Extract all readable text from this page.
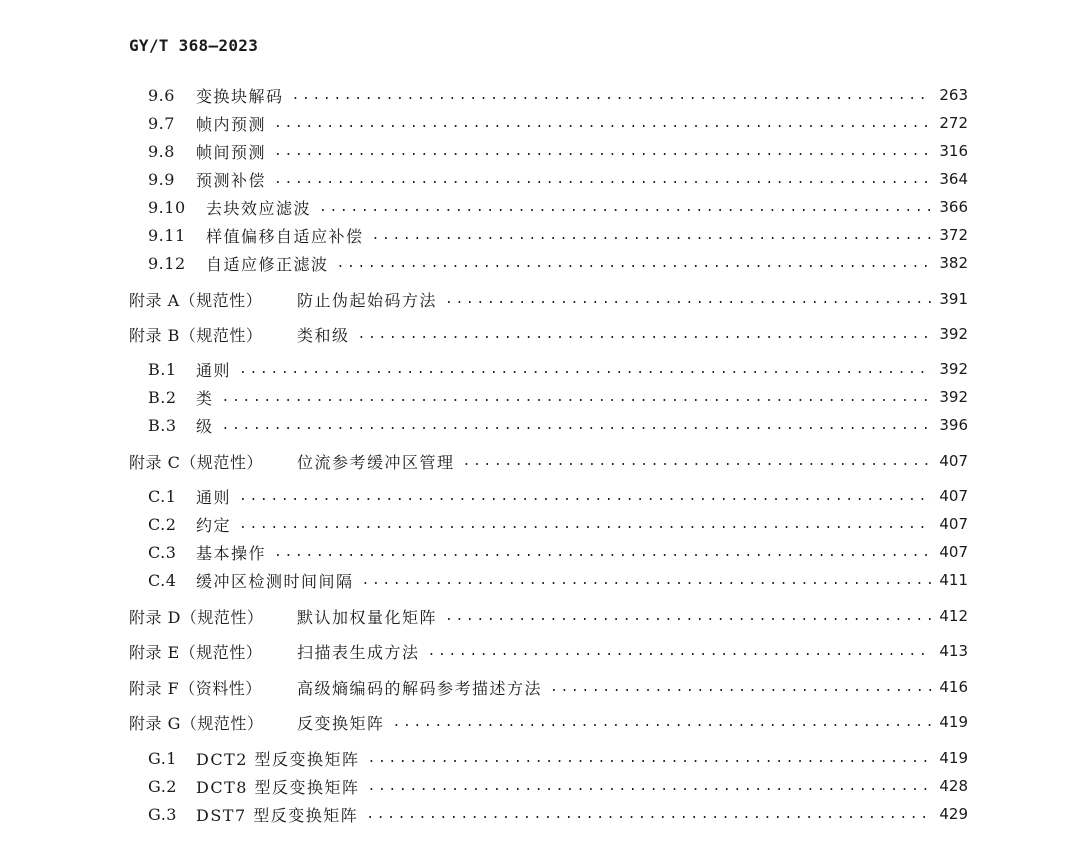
GY/T 368—2023
9.6	变换块解码 . . .	263
9.7	帧内预测 . . .	272
9.8	帧间预测 . . .	316
9.9	预测补偿 . . .	364
9.10	去块效应滤波 . . .	366
9.11	样值偏移自适应补偿 . . .	372
9.12	自适应修正滤波 . . .	382
附录 A（规范性）	防止伪起始码方法 . . .	391
附录 B（规范性）	类和级 . . .	392
B.1	通则 . . .	392
B.2	类 . . .	392
B.3	级 . . .	396
附录 C（规范性）	位流参考缓冲区管理 . . .	407
C.1	通则 . . .	407
C.2	约定 . . .	407
C.3	基本操作 . . .	407
C.4	缓冲区检测时间间隔 . . .	411
附录 D（规范性）	默认加权量化矩阵 . . .	412
附录 E（规范性）	扫描表生成方法 . . .	413
附录 F（资料性）	高级熵编码的解码参考描述方法 . . .	416
附录 G（规范性）	反变换矩阵 . . .	419
G.1	DCT2 型反变换矩阵 . . .	419
G.2	DCT8 型反变换矩阵 . . .	428
G.3	DST7 型反变换矩阵 . . .	429
